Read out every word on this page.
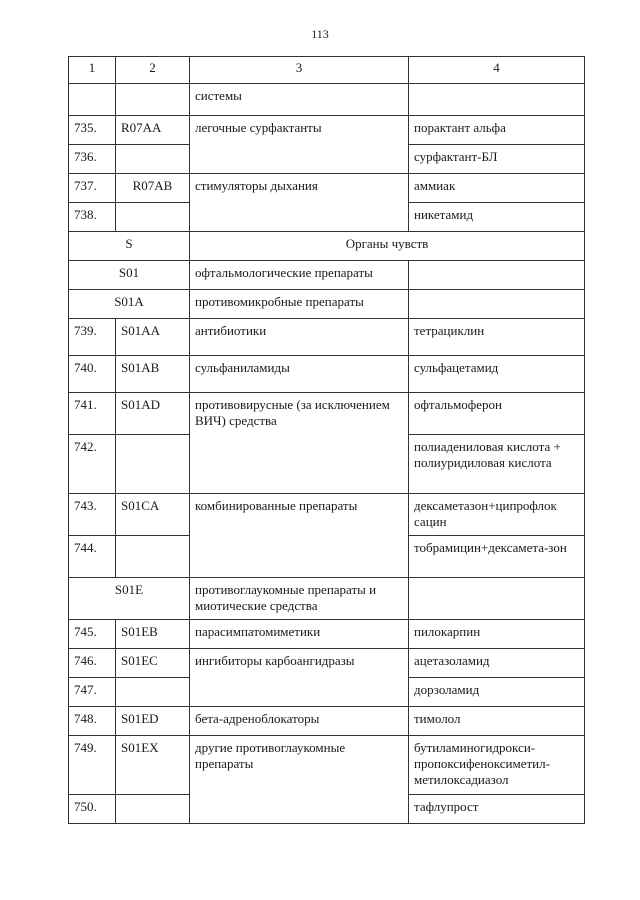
113
1	2	3	4
		системы	
735.	R07AA	легочные сурфактанты	порактант альфа
736.			сурфактант-БЛ
737.	R07AB	стимуляторы дыхания	аммиак
738.			никетамид
S		Органы чувств	
S01		офтальмологические препараты	
S01A		противомикробные препараты	
739.	S01AA	антибиотики	тетрациклин
740.	S01AB	сульфаниламиды	сульфацетамид
741.	S01AD	противовирусные (за исключением ВИЧ) средства	офтальмоферон
742.			полиадениловая кислота + полиуридиловая кислота
743.	S01CA	комбинированные препараты	дексаметазон+ципрофлок сацин
744.			тобрамицин+дексамета-зон
S01E		противоглаукомные препараты и миотические средства	
745.	S01EB	парасимпатомиметики	пилокарпин
746.	S01EC	ингибиторы карбоангидразы	ацетазоламид
747.			дорзоламид
748.	S01ED	бета-адреноблокаторы	тимолол
749.	S01EX	другие противоглаукомные препараты	бутиламиногидрокси-пропоксифеноксиметил-метилоксадиазол
750.			тафлупрост
